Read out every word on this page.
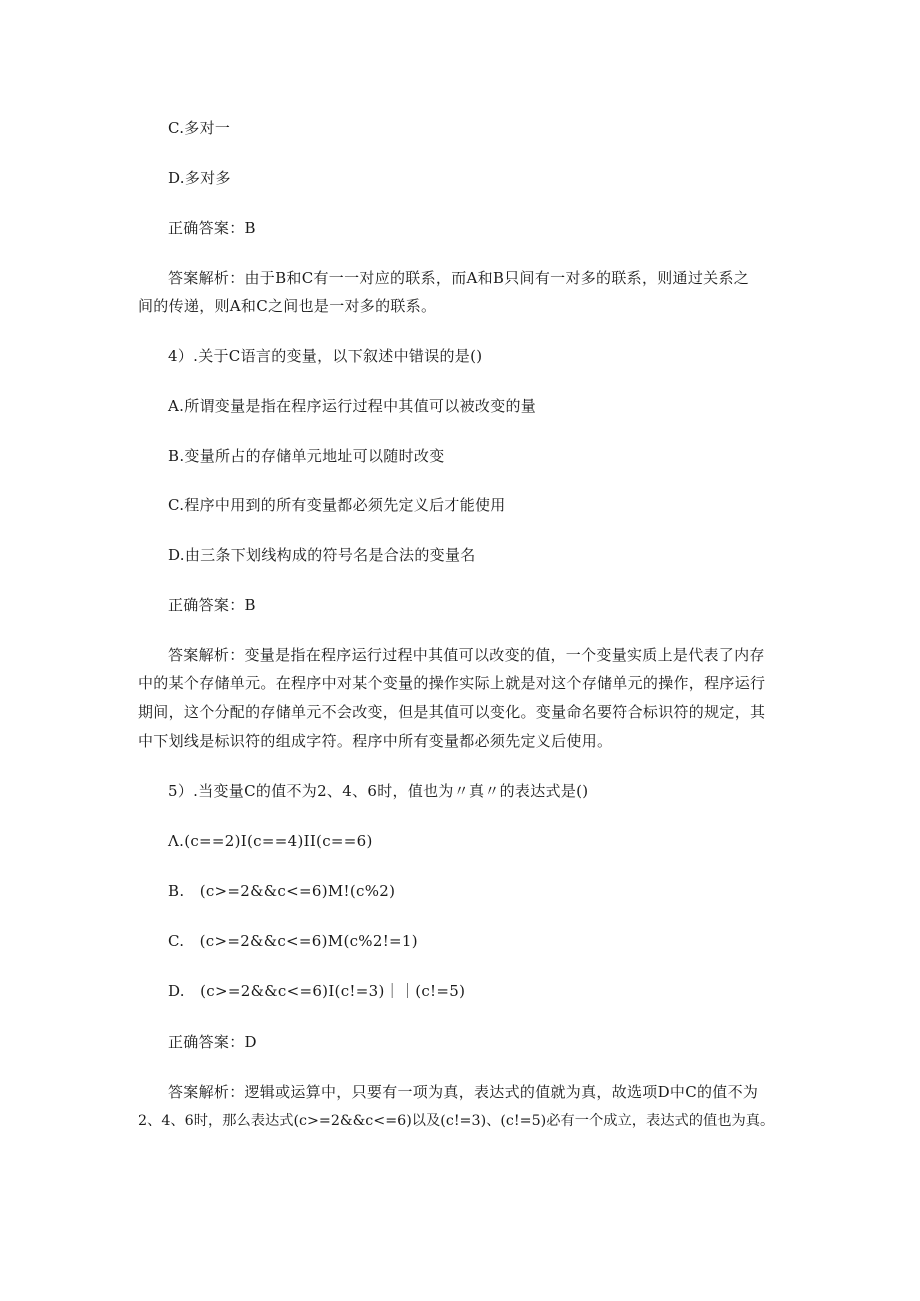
C.多对一
D.多对多
正确答案：B
答案解析：由于B和C有一一对应的联系，而A和B只间有一对多的联系，则通过关系之
间的传递，则A和C之间也是一对多的联系。
4）.关于C语言的变量，以下叙述中错误的是()
A.所谓变量是指在程序运行过程中其值可以被改变的量
B.变量所占的存储单元地址可以随时改变
C.程序中用到的所有变量都必须先定义后才能使用
D.由三条下划线构成的符号名是合法的变量名
正确答案：B
答案解析：变量是指在程序运行过程中其值可以改变的值，一个变量实质上是代表了内存
中的某个存储单元。在程序中对某个变量的操作实际上就是对这个存储单元的操作，程序运行
期间，这个分配的存储单元不会改变，但是其值可以变化。变量命名要符合标识符的规定，其
中下划线是标识符的组成字符。程序中所有变量都必须先定义后使用。
5）.当变量C的值不为2、4、6时，值也为〃真〃的表达式是()
Λ.(c==2)I(c==4)II(c==6)
B.　(c>=2&&c<=6)M!(c%2)
C.　(c>=2&&c<=6)M(c%2!=1)
D.　(c>=2&&c<=6)I(c!=3)｜｜(c!=5)
正确答案：D
答案解析：逻辑或运算中，只要有一项为真，表达式的值就为真，故选项D中C的值不为
2、4、6时，那么表达式(c>=2&&c<=6)以及(c!=3)、(c!=5)必有一个成立，表达式的值也为真。
